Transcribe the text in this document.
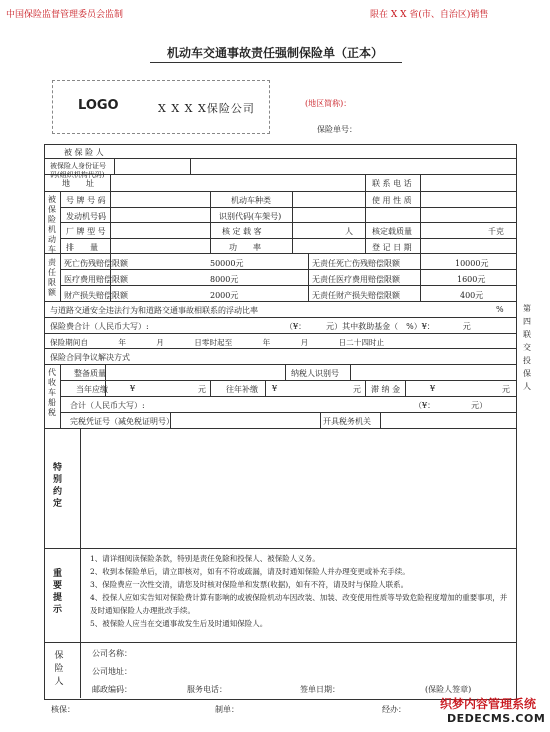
中国保险监督管理委员会监制	限在 X X 省(市、自治区)销售
机动车交通事故责任强制保险单（正本）
LOGO	X X X X保险公司	(地区简称)：
保险单号：
被 保 险 人
被保险人身份证号码(组织机构代码)
地　　址	联 系 电 话
被保险机动车
号 牌 号 码	机动车种类	使 用 性 质
发动机号码	识别代码(车架号)
厂 牌 型 号	核 定 载 客	人 核定载质量	千克
排　　量	功　　率	登 记 日 期
责任限额
死亡伤残赔偿限额	50000元	无责任死亡伤残赔偿限额	10000元
医疗费用赔偿限额	8000元	无责任医疗费用赔偿限额	1600元
财产损失赔偿限额	2000元	无责任财产损失赔偿限额	400元
与道路交通安全违法行为和道路交通事故相联系的浮动比率	%
保险费合计（人民币大写）:	（¥：　　　元）其中救助基金（　%）¥：　　　　元
保险期间自　　　　年　　　　月　　　　日零时起至　　　　年　　　　月　　　　日二十四时止
保险合同争议解决方式
代收车船税
整备质量	纳税人识别号
当年应缴	¥	元	往年补缴 ¥	元 滞 纳 金	¥	元
合计（人民币大写）:	（¥：　　　　　元）
完税凭证号（减免税证明号）	开具税务机关
特别约定
重要提示

1、请详细阅读保险条款，特别是责任免除和投保人、被保险人义务。

2、收到本保险单后，请立即核对，如有不符或疏漏，请及时通知保险人并办理变更或补充手续。

3、保险费应一次性交清，请您及时核对保险单和发票(收据)，如有不符，请及时与保险人联系。

4、投保人应如实告知对保险费计算有影响的或被保险机动车因改装、加装、改变使用性质等导致危险程度增加的重要事项，并及时通知保险人办理批改手续。

5、被保险人应当在交通事故发生后及时通知保险人。

保险人
公司名称：
公司地址：
邮政编码：	服务电话：	签单日期：	(保险人签章)
第四联 交投保人
核保：	制单：	经办：	织梦内容管理系统
DEDECMS.COM
